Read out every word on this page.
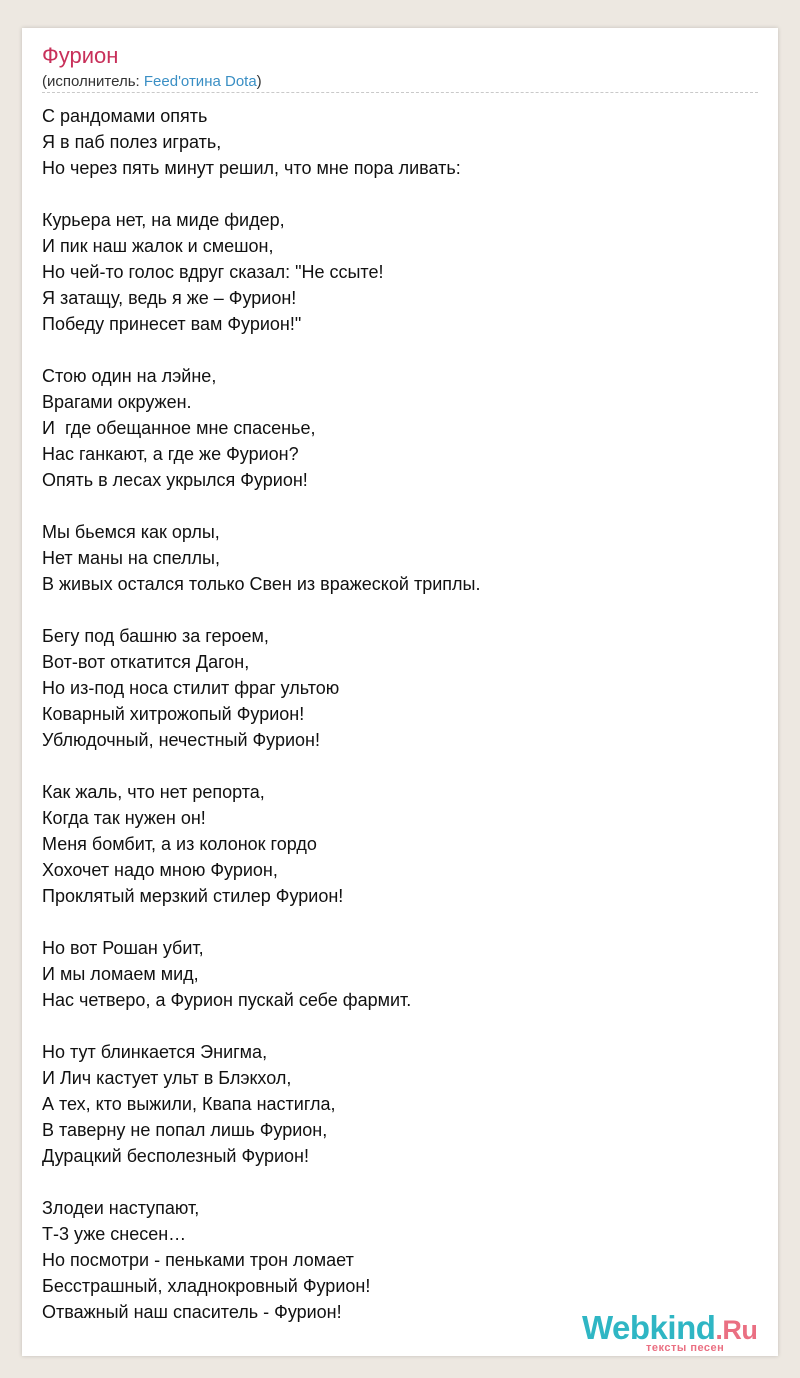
Фурион
(исполнитель: Feed'отина Dota)
С рандомами опять
Я в паб полез играть,
Но через пять минут решил, что мне пора ливать:
Курьера нет, на миде фидер,
И пик наш жалок и смешон,
Но чей-то голос вдруг сказал: "Не ссыте!
Я затащу, ведь я же – Фурион!
Победу принесет вам Фурион!"
Стою один на лэйне,
Врагами окружен.
И  где обещанное мне спасенье,
Нас ганкают, а где же Фурион?
Опять в лесах укрылся Фурион!
Мы бьемся как орлы,
Нет маны на спеллы,
В живых остался только Свен из вражеской триплы.
Бегу под башню за героем,
Вот-вот откатится Дагон,
Но из-под носа стилит фраг ультою
Коварный хитрожопый Фурион!
Ублюдочный, нечестный Фурион!
Как жаль, что нет репорта,
Когда так нужен он!
Меня бомбит, а из колонок гордо
Хохочет надо мною Фурион,
Проклятый мерзкий стилер Фурион!
Но вот Рошан убит,
И мы ломаем мид,
Нас четверо, а Фурион пускай себе фармит.
Но тут блинкается Энигма,
И Лич кастует ульт в Блэкхол,
А тех, кто выжили, Квапа настигла,
В таверну не попал лишь Фурион,
Дурацкий бесполезный Фурион!
Злодеи наступают,
Т-3 уже снесен…
Но посмотри - пеньками трон ломает
Бесстрашный, хладнокровный Фурион!
Отважный наш спаситель - Фурион!	Webkind.Ru
тексты песен
